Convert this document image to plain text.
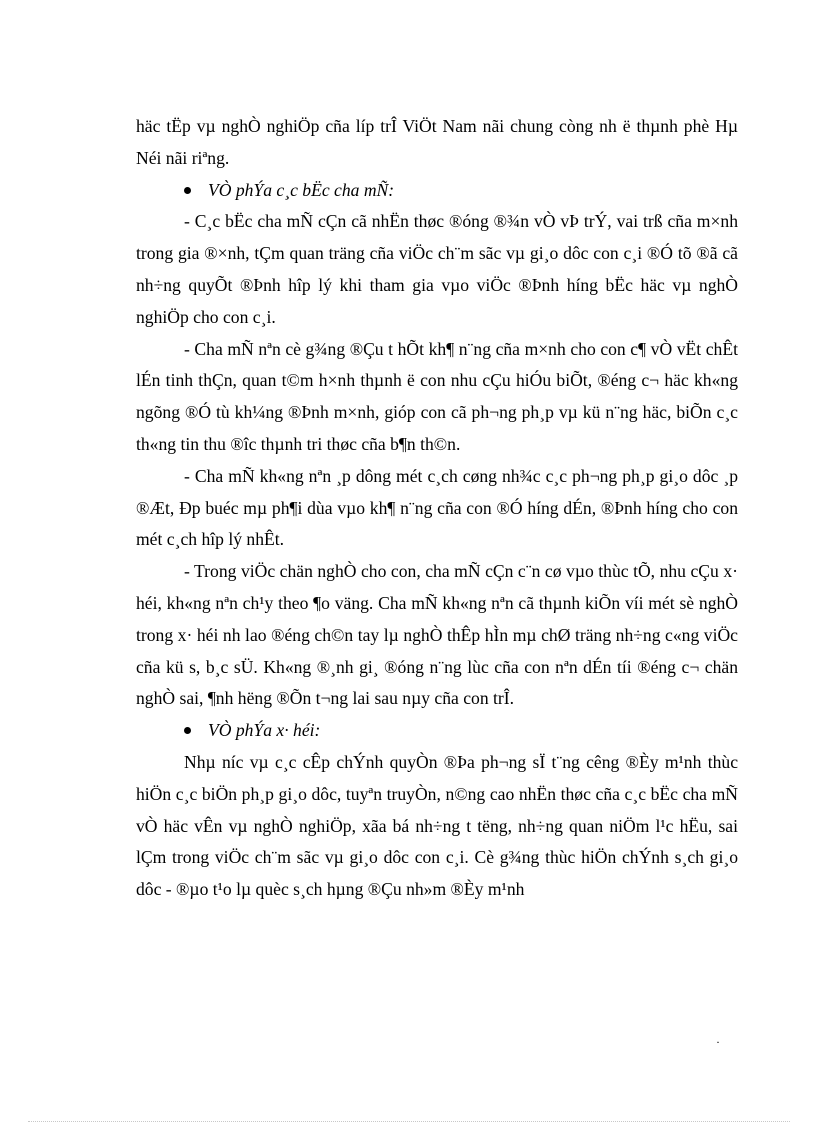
häc tËp vµ nghÒ nghiÖp cña líp trÎ ViÖt Nam nãi chung còng nh ë thµnh phè Hµ Néi nãi riªng.

VÒ phÝa c¸c bËc cha mÑ:

- C¸c bËc cha mÑ cÇn cã nhËn thøc ®óng ®¾n vÒ vÞ trÝ, vai trß cña m×nh trong gia ®×nh, tÇm quan träng cña viÖc ch¨m sãc vµ gi¸o dôc con c¸i ®Ó tõ ®ã cã nh÷ng quyÕt ®Þnh hîp lý khi tham gia vµo viÖc ®Þnh híng bËc häc vµ nghÒ nghiÖp cho con c¸i.

- Cha mÑ nªn cè g¾ng ®Çu t hÕt kh¶ n¨ng cña m×nh cho con c¶ vÒ vËt chÊt lÉn tinh thÇn, quan t©m h×nh thµnh ë con nhu cÇu hiÓu biÕt, ®éng c¬ häc kh«ng ngõng ®Ó tù kh¼ng ®Þnh m×nh, gióp con cã ph¬ng ph¸p vµ kü n¨ng häc, biÕn c¸c th«ng tin thu ®îc thµnh tri thøc cña b¶n th©n.

- Cha mÑ kh«ng nªn ¸p dông mét c¸ch cøng nh¾c c¸c ph¬ng ph¸p gi¸o dôc ¸p ®Æt, Ðp buéc mµ ph¶i dùa vµo kh¶ n¨ng cña con ®Ó híng dÉn, ®Þnh híng cho con mét c¸ch hîp lý nhÊt.

- Trong viÖc chän nghÒ cho con, cha mÑ cÇn c¨n cø vµo thùc tÕ, nhu cÇu x· héi, kh«ng nªn ch¹y theo ¶o väng. Cha mÑ kh«ng nªn cã thµnh kiÕn víi mét sè nghÒ trong x· héi nh lao ®éng ch©n tay lµ nghÒ thÊp hÌn mµ chØ träng nh÷ng c«ng viÖc cña kü s, b¸c sÜ. Kh«ng ®¸nh gi¸ ®óng n¨ng lùc cña con nªn dÉn tíi ®éng c¬ chän nghÒ sai, ¶nh hëng ®Õn t¬ng lai sau nµy cña con trÎ.

VÒ phÝa x· héi:

Nhµ níc vµ c¸c cÊp chÝnh quyÒn ®Þa ph¬ng sÏ t¨ng cêng ®Èy m¹nh thùc hiÖn c¸c biÖn ph¸p gi¸o dôc, tuyªn truyÒn, n©ng cao nhËn thøc cña c¸c bËc cha mÑ vÒ häc vÊn vµ nghÒ nghiÖp, xãa bá nh÷ng t tëng, nh÷ng quan niÖm l¹c hËu, sai lÇm trong viÖc ch¨m sãc vµ gi¸o dôc con c¸i. Cè g¾ng thùc hiÖn chÝnh s¸ch gi¸o dôc - ®µo t¹o lµ quèc s¸ch hµng ®Çu nh»m ®Èy m¹nh

·
